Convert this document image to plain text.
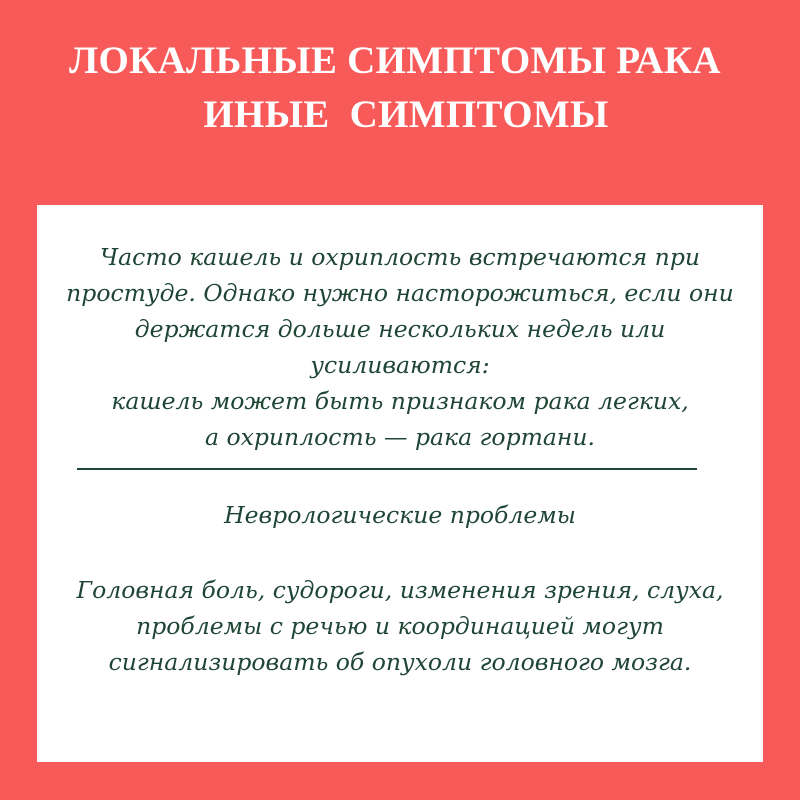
ЛОКАЛЬНЫЕ СИМПТОМЫ РАКА
ИНЫЕ  СИМПТОМЫ
Часто кашель и охриплость встречаются при
простуде. Однако нужно насторожиться, если они
держатся дольше нескольких недель или
усиливаются:
кашель может быть признаком рака легких,
а охриплость — рака гортани.
Неврологические проблемы
Головная боль, судороги, изменения зрения, слуха,
проблемы с речью и координацией могут
сигнализировать об опухоли головного мозга.
